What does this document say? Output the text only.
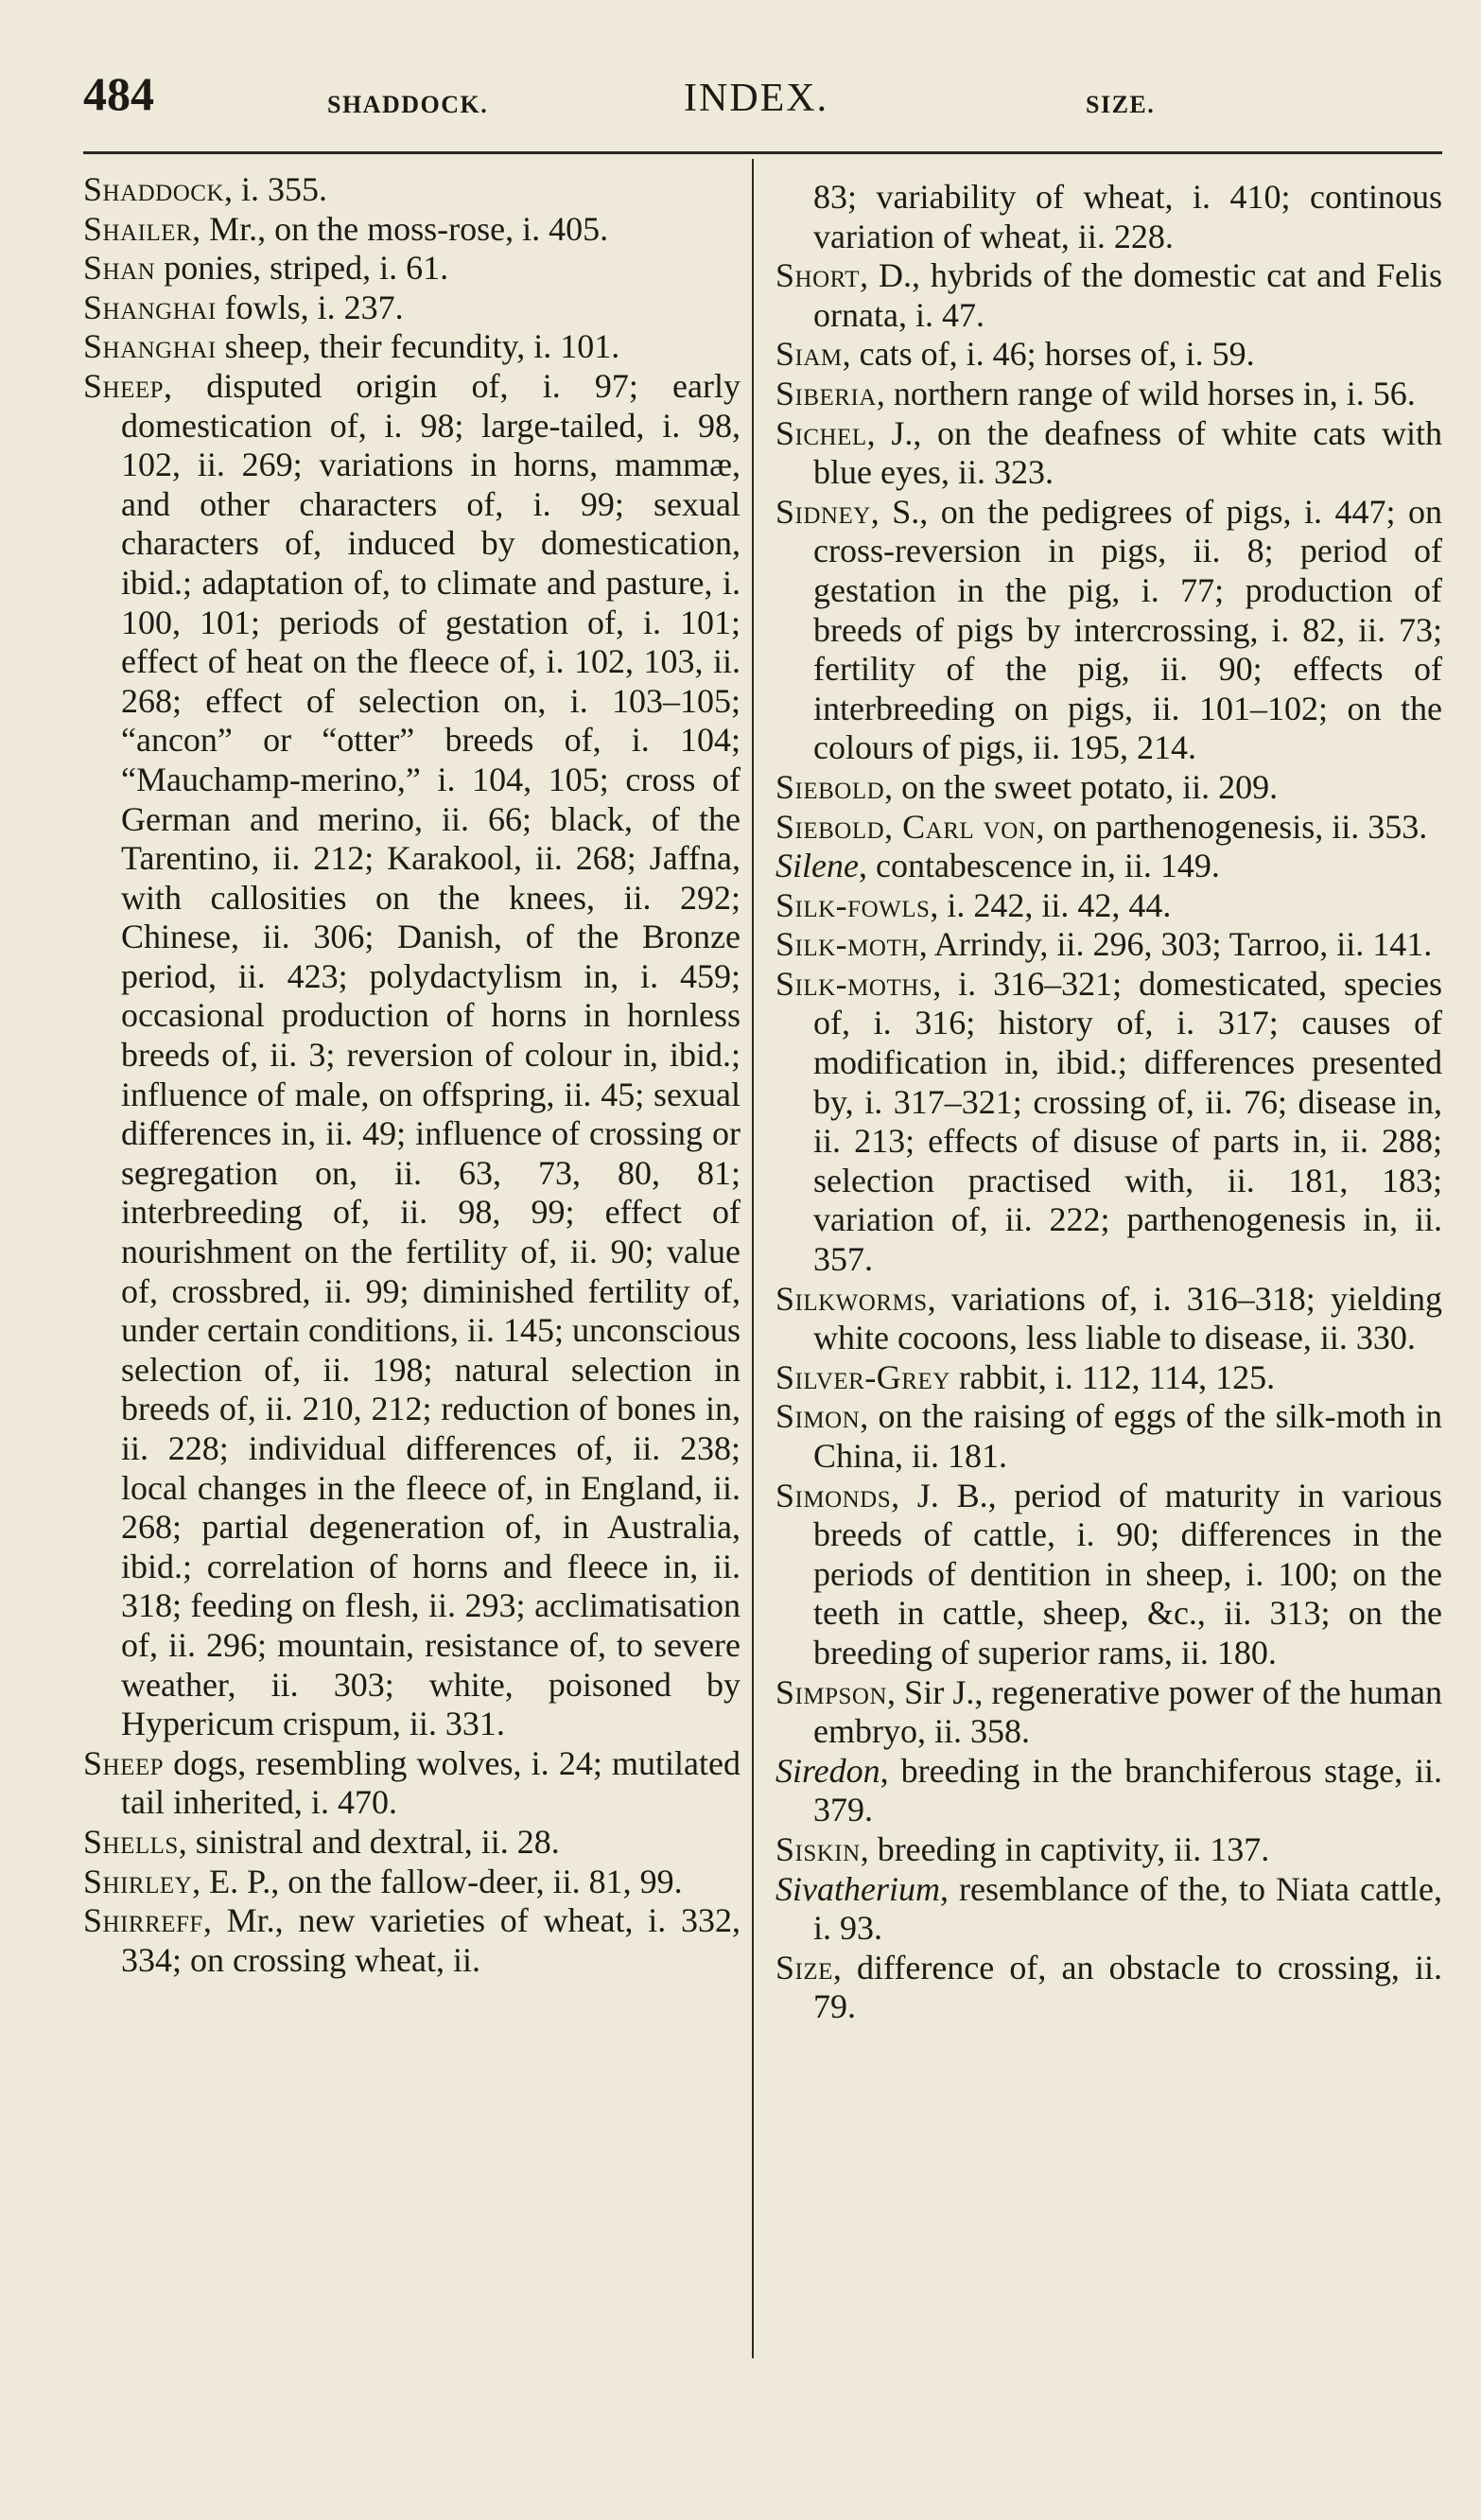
484	SHADDOCK.	INDEX.	SIZE.

Shaddock, i. 355.

Shailer, Mr., on the moss-rose, i. 405.

Shan ponies, striped, i. 61.

Shanghai fowls, i. 237.

Shanghai sheep, their fecundity, i. 101.

Sheep, disputed origin of, i. 97; early domestication of, i. 98; large-tailed, i. 98, 102, ii. 269; variations in horns, mammæ, and other characters of, i. 99; sexual characters of, induced by domestication, ibid.; adaptation of, to climate and pasture, i. 100, 101; periods of gestation of, i. 101; effect of heat on the fleece of, i. 102, 103, ii. 268; effect of selection on, i. 103–105; “ancon” or “otter” breeds of, i. 104; “Mauchamp-merino,” i. 104, 105; cross of German and merino, ii. 66; black, of the Tarentino, ii. 212; Karakool, ii. 268; Jaffna, with callosities on the knees, ii. 292; Chinese, ii. 306; Danish, of the Bronze period, ii. 423; polydactylism in, i. 459; occasional production of horns in hornless breeds of, ii. 3; reversion of colour in, ibid.; influence of male, on offspring, ii. 45; sexual differences in, ii. 49; influence of crossing or segregation on, ii. 63, 73, 80, 81; interbreeding of, ii. 98, 99; effect of nourishment on the fertility of, ii. 90; value of, crossbred, ii. 99; diminished fertility of, under certain conditions, ii. 145; unconscious selection of, ii. 198; natural selection in breeds of, ii. 210, 212; reduction of bones in, ii. 228; individual differences of, ii. 238; local changes in the fleece of, in England, ii. 268; partial degeneration of, in Australia, ibid.; correlation of horns and fleece in, ii. 318; feeding on flesh, ii. 293; acclimatisation of, ii. 296; mountain, resistance of, to severe weather, ii. 303; white, poisoned by Hypericum crispum, ii. 331.

Sheep dogs, resembling wolves, i. 24; mutilated tail inherited, i. 470.

Shells, sinistral and dextral, ii. 28.

Shirley, E. P., on the fallow-deer, ii. 81, 99.

Shirreff, Mr., new varieties of wheat, i. 332, 334; on crossing wheat, ii.

83; variability of wheat, i. 410; continous variation of wheat, ii. 228.

Short, D., hybrids of the domestic cat and Felis ornata, i. 47.

Siam, cats of, i. 46; horses of, i. 59.

Siberia, northern range of wild horses in, i. 56.

Sichel, J., on the deafness of white cats with blue eyes, ii. 323.

Sidney, S., on the pedigrees of pigs, i. 447; on cross-reversion in pigs, ii. 8; period of gestation in the pig, i. 77; production of breeds of pigs by intercrossing, i. 82, ii. 73; fertility of the pig, ii. 90; effects of interbreeding on pigs, ii. 101–102; on the colours of pigs, ii. 195, 214.

Siebold, on the sweet potato, ii. 209.

Siebold, Carl von, on parthenogenesis, ii. 353.

Silene, contabescence in, ii. 149.

Silk-fowls, i. 242, ii. 42, 44.

Silk-moth, Arrindy, ii. 296, 303; Tarroo, ii. 141.

Silk-moths, i. 316–321; domesticated, species of, i. 316; history of, i. 317; causes of modification in, ibid.; differences presented by, i. 317–321; crossing of, ii. 76; disease in, ii. 213; effects of disuse of parts in, ii. 288; selection practised with, ii. 181, 183; variation of, ii. 222; parthenogenesis in, ii. 357.

Silkworms, variations of, i. 316–318; yielding white cocoons, less liable to disease, ii. 330.

Silver-Grey rabbit, i. 112, 114, 125.

Simon, on the raising of eggs of the silk-moth in China, ii. 181.

Simonds, J. B., period of maturity in various breeds of cattle, i. 90; differences in the periods of dentition in sheep, i. 100; on the teeth in cattle, sheep, &c., ii. 313; on the breeding of superior rams, ii. 180.

Simpson, Sir J., regenerative power of the human embryo, ii. 358.

Siredon, breeding in the branchiferous stage, ii. 379.

Siskin, breeding in captivity, ii. 137.

Sivatherium, resemblance of the, to Niata cattle, i. 93.

Size, difference of, an obstacle to crossing, ii. 79.
